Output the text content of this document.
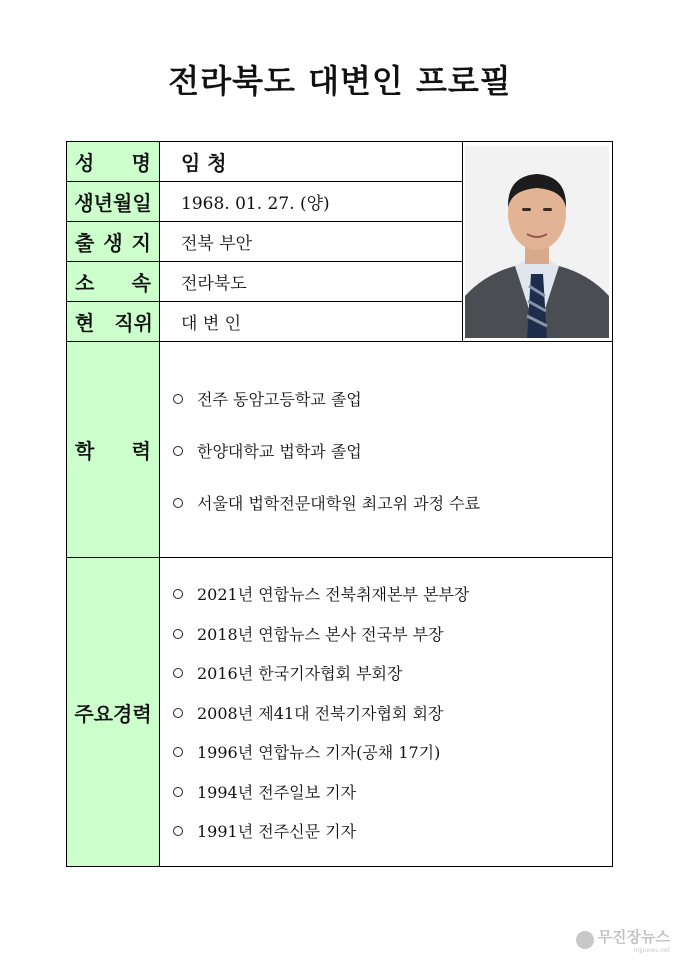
전라북도 대변인 프로필
성 명
생년월일
출 생 지
소 속
현 직위
학 력
주요경력
임 청
1968. 01. 27. (양)
전북 부안
전라북도
대 변 인
전주 동암고등학교 졸업
한양대학교 법학과 졸업
서울대 법학전문대학원 최고위 과정 수료
2021년 연합뉴스 전북취재본부 본부장
2018년 연합뉴스 본사 전국부 부장
2016년 한국기자협회 부회장
2008년 제41대 전북기자협회 회장
1996년 연합뉴스 기자(공채 17기)
1994년 전주일보 기자
1991년 전주신문 기자
무진장뉴스
mjjnews.net
